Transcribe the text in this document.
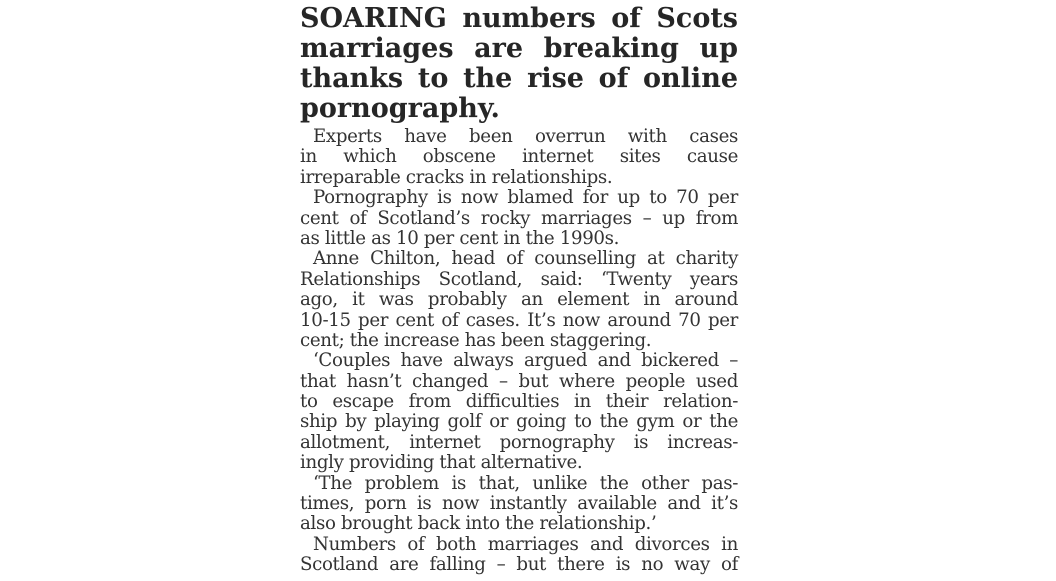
SOARING numbers of Scots
marriages are breaking up
thanks to the rise of online
pornography.

Experts have been overrun with cases
in which obscene internet sites cause
irreparable cracks in relationships.

Pornography is now blamed for up to 70 per
cent of Scotland’s rocky marriages – up from
as little as 10 per cent in the 1990s.

Anne Chilton, head of counselling at charity
Relationships Scotland, said: ‘Twenty years
ago, it was probably an element in around
10-15 per cent of cases. It’s now around 70 per
cent; the increase has been staggering.

‘Couples have always argued and bickered –
that hasn’t changed – but where people used
to escape from difficulties in their relation-
ship by playing golf or going to the gym or the
allotment, internet pornography is increas-
ingly providing that alternative.

‘The problem is that, unlike the other pas-
times, porn is now instantly available and it’s
also brought back into the relationship.’

Numbers of both marriages and divorces in
Scotland are falling – but there is no way of
